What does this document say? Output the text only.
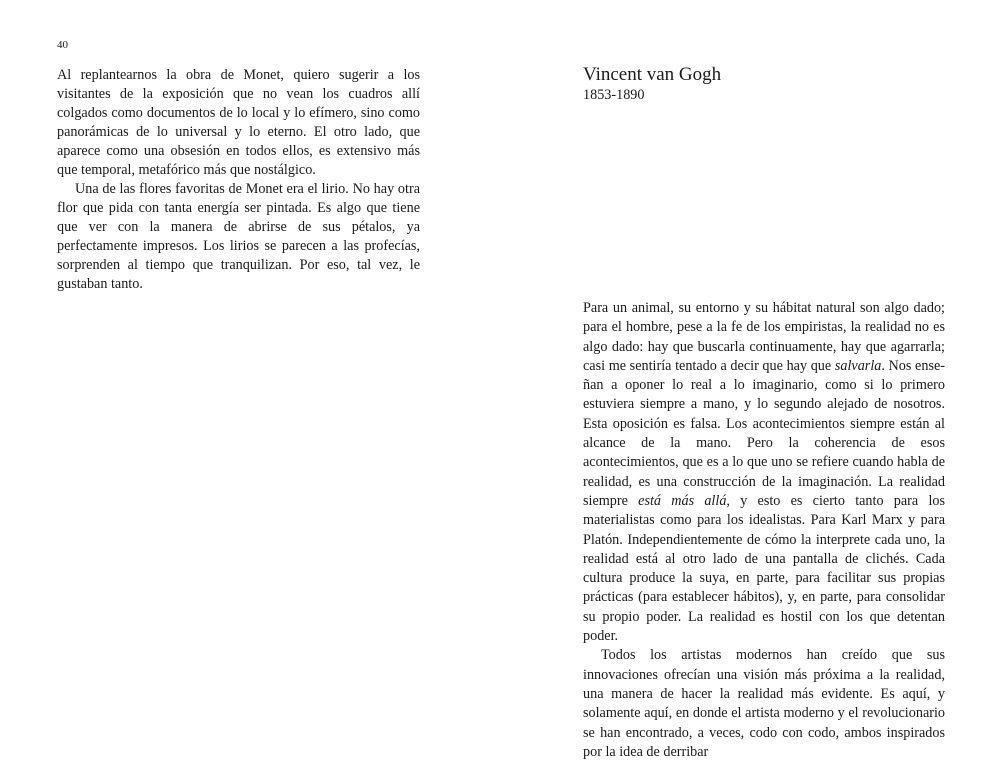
40

Al replantearnos la obra de Monet, quiero sugerir a los visitantes de la exposición que no vean los cuadros allí colgados como documentos de lo local y lo efímero, sino como panorámicas de lo universal y lo eterno. El otro lado, que aparece como una obsesión en todos ellos, es extensivo más que temporal, metafórico más que nostálgico.

Una de las flores favoritas de Monet era el lirio. No hay otra flor que pida con tanta energía ser pintada. Es algo que tiene que ver con la manera de abrirse de sus pétalos, ya perfectamente impresos. Los lirios se parecen a las profecías, sorprenden al tiempo que tranquilizan. Por eso, tal vez, le gustaban tanto.

Vincent van Gogh

1853-1890

Para un animal, su entorno y su hábitat natural son algo dado; para el hombre, pese a la fe de los empiristas, la realidad no es algo dado: hay que buscarla continuamente, hay que agarrarla; casi me sentiría tentado a decir que hay que salvarla. Nos enseñan a oponer lo real a lo imaginario, como si lo primero estuviera siempre a mano, y lo segundo alejado de nosotros. Esta oposición es falsa. Los acontecimientos siempre están al alcance de la mano. Pero la coherencia de esos acontecimientos, que es a lo que uno se refiere cuando habla de realidad, es una construcción de la imaginación. La realidad siempre está más allá, y esto es cierto tanto para los materialistas como para los idealistas. Para Karl Marx y para Platón. Independientemente de cómo la interprete cada uno, la realidad está al otro lado de una pantalla de clichés. Cada cultura produce la suya, en parte, para facilitar sus propias prácticas (para establecer hábitos), y, en parte, para consolidar su propio poder. La realidad es hostil con los que detentan poder.

Todos los artistas modernos han creído que sus innovaciones ofrecían una visión más próxima a la realidad, una manera de hacer la realidad más evidente. Es aquí, y solamente aquí, en donde el artista moderno y el revolucionario se han encontrado, a veces, codo con codo, ambos inspirados por la idea de derribar
